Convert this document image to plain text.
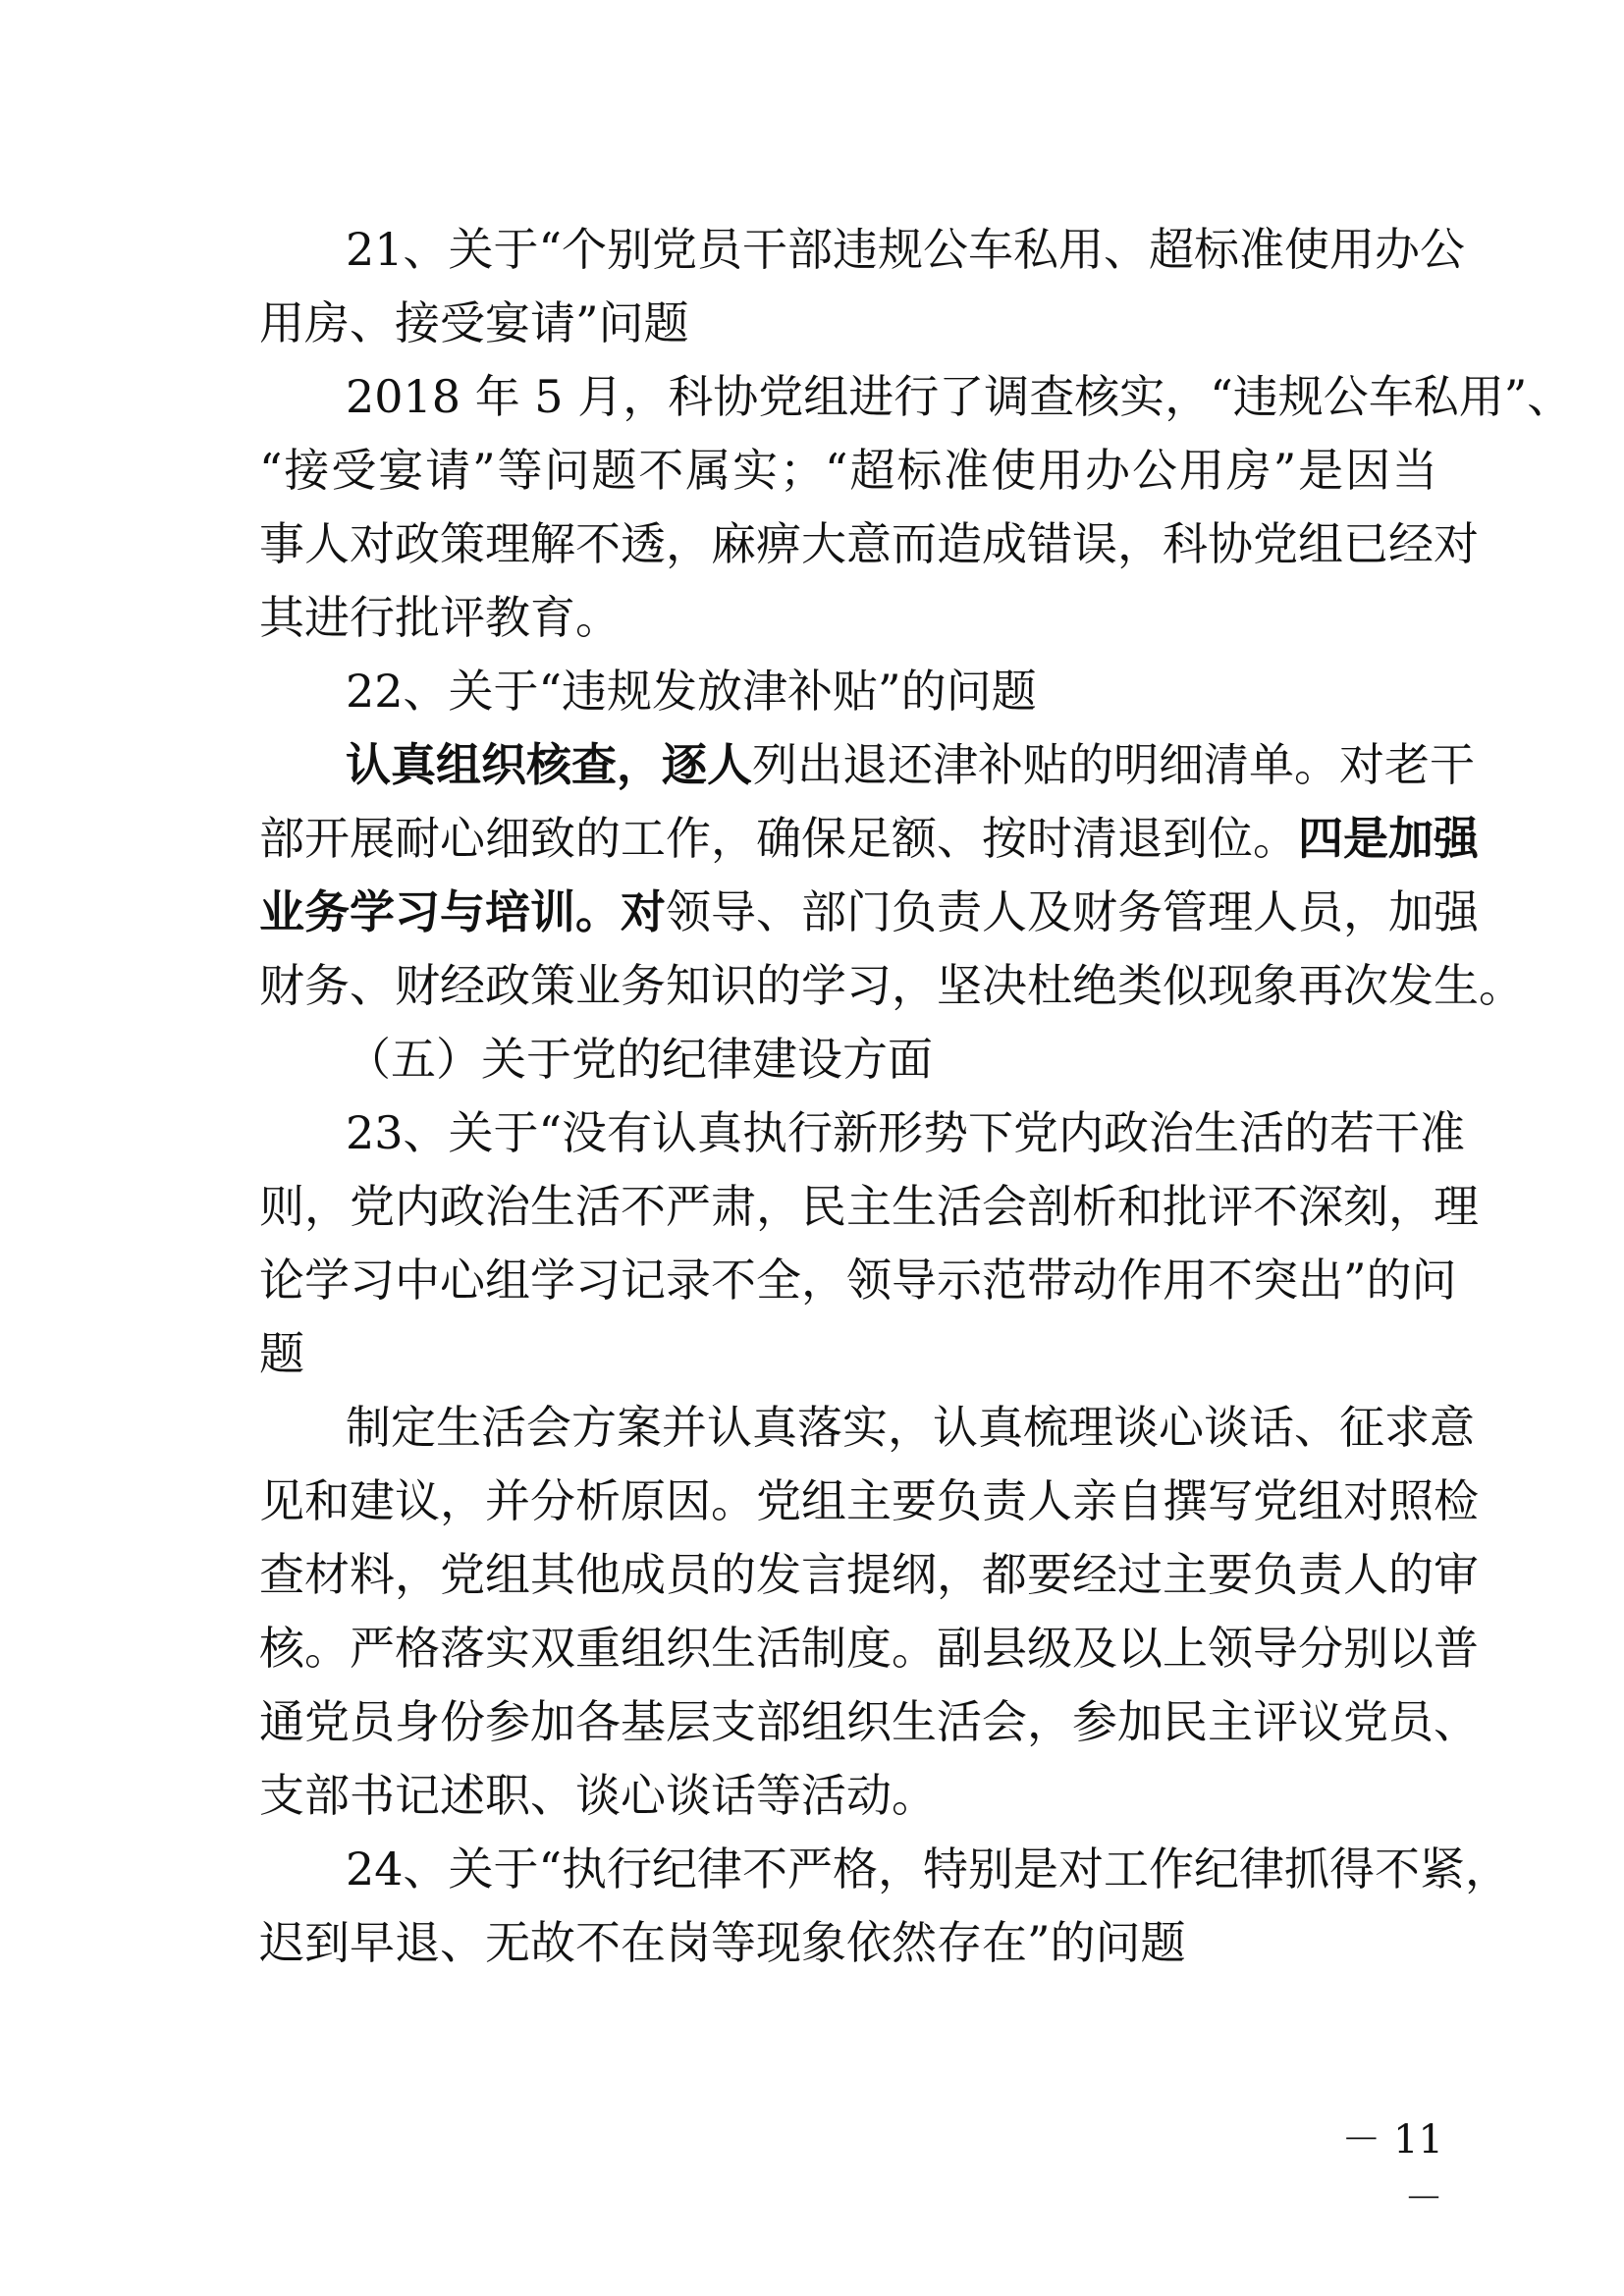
21、关于“个别党员干部违规公车私用、超标准使用办公

用房、接受宴请”问题

2018 年 5 月，科协党组进行了调查核实，“违规公车私用”、

“接受宴请”等问题不属实；“超标准使用办公用房”是因当

事人对政策理解不透，麻痹大意而造成错误，科协党组已经对

其进行批评教育。

22、关于“违规发放津补贴”的问题

认真组织核查，逐人列出退还津补贴的明细清单。对老干

部开展耐心细致的工作，确保足额、按时清退到位。四是加强

业务学习与培训。对领导、部门负责人及财务管理人员，加强

财务、财经政策业务知识的学习，坚决杜绝类似现象再次发生。

（五）关于党的纪律建设方面

23、关于“没有认真执行新形势下党内政治生活的若干准

则，党内政治生活不严肃，民主生活会剖析和批评不深刻，理

论学习中心组学习记录不全，领导示范带动作用不突出”的问

题

制定生活会方案并认真落实，认真梳理谈心谈话、征求意

见和建议，并分析原因。党组主要负责人亲自撰写党组对照检

查材料，党组其他成员的发言提纲，都要经过主要负责人的审

核。严格落实双重组织生活制度。副县级及以上领导分别以普

通党员身份参加各基层支部组织生活会，参加民主评议党员、

支部书记述职、谈心谈话等活动。

24、关于“执行纪律不严格，特别是对工作纪律抓得不紧，

迟到早退、无故不在岗等现象依然存在”的问题

－ 11 －
